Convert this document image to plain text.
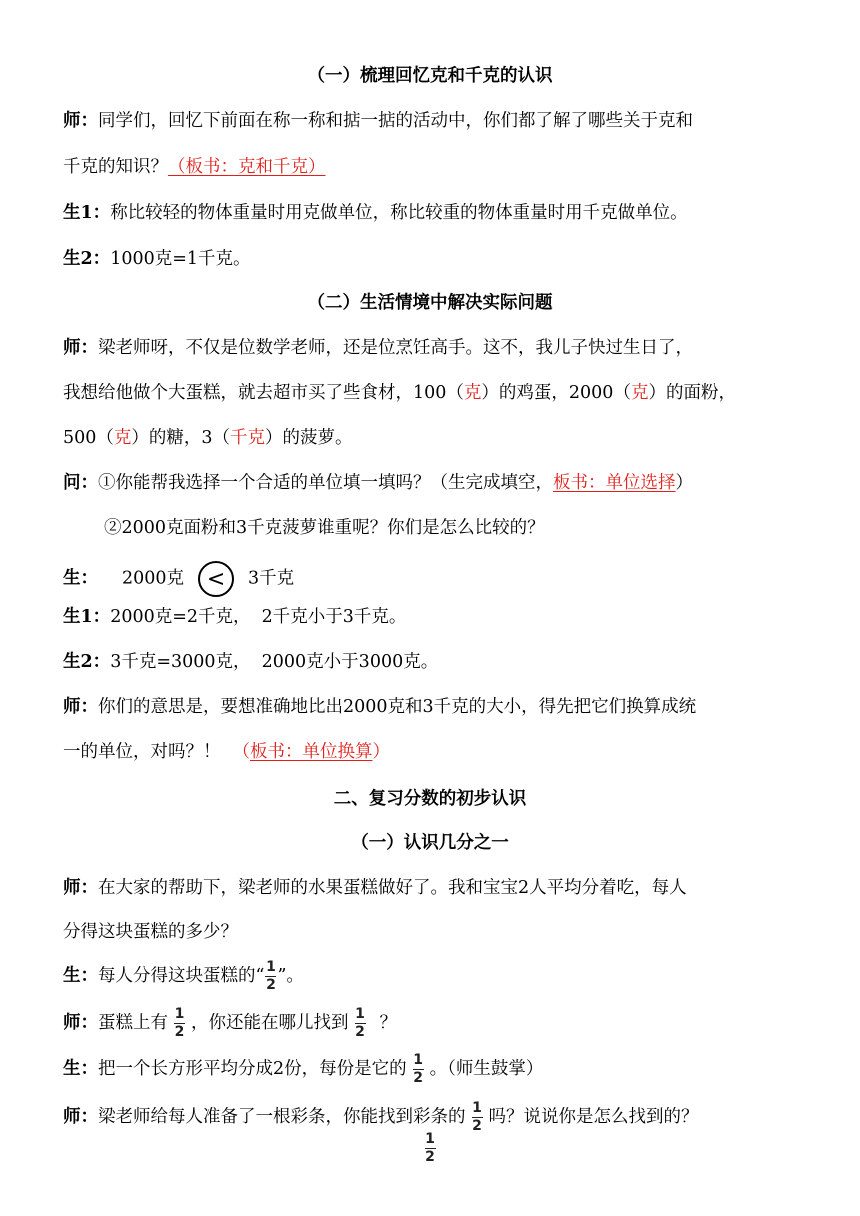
（一）梳理回忆克和千克的认识
师：同学们，回忆下前面在称一称和掂一掂的活动中，你们都了解了哪些关于克和
千克的知识？（板书：克和千克）
生1：称比较轻的物体重量时用克做单位，称比较重的物体重量时用千克做单位。
生2：1000克=1千克。
（二）生活情境中解决实际问题
师：梁老师呀，不仅是位数学老师，还是位烹饪高手。这不，我儿子快过生日了，
我想给他做个大蛋糕，就去超市买了些食材，100（克）的鸡蛋，2000（克）的面粉，
500（克）的糖，3（千克）的菠萝。
问：①你能帮我选择一个合适的单位填一填吗？（生完成填空，板书：单位选择）
②2000克面粉和3千克菠萝谁重呢？你们是怎么比较的？
生： 2000克 < 3千克
生1：2000克=2千克，  2千克小于3千克。
生2：3千克=3000克，  2000克小于3000克。
师：你们的意思是，要想准确地比出2000克和3千克的大小，得先把它们换算成统
一的单位，对吗？！ （板书：单位换算）
二、复习分数的初步认识
（一）认识几分之一
师：在大家的帮助下，梁老师的水果蛋糕做好了。我和宝宝2人平均分着吃，每人
分得这块蛋糕的多少？
生：每人分得这块蛋糕的“ $\frac{1}{2}$ ”。
师：蛋糕上有 $\frac{1}{2}$ ，你还能在哪儿找到 $\frac{1}{2}$ ？
生：把一个长方形平均分成2份，每份是它的 $\frac{1}{2}$ 。（师生鼓掌）
师：梁老师给每人准备了一根彩条，你能找到彩条的 $\frac{1}{2}$ 吗？说说你是怎么找到的？
$\frac{1}{2}$
